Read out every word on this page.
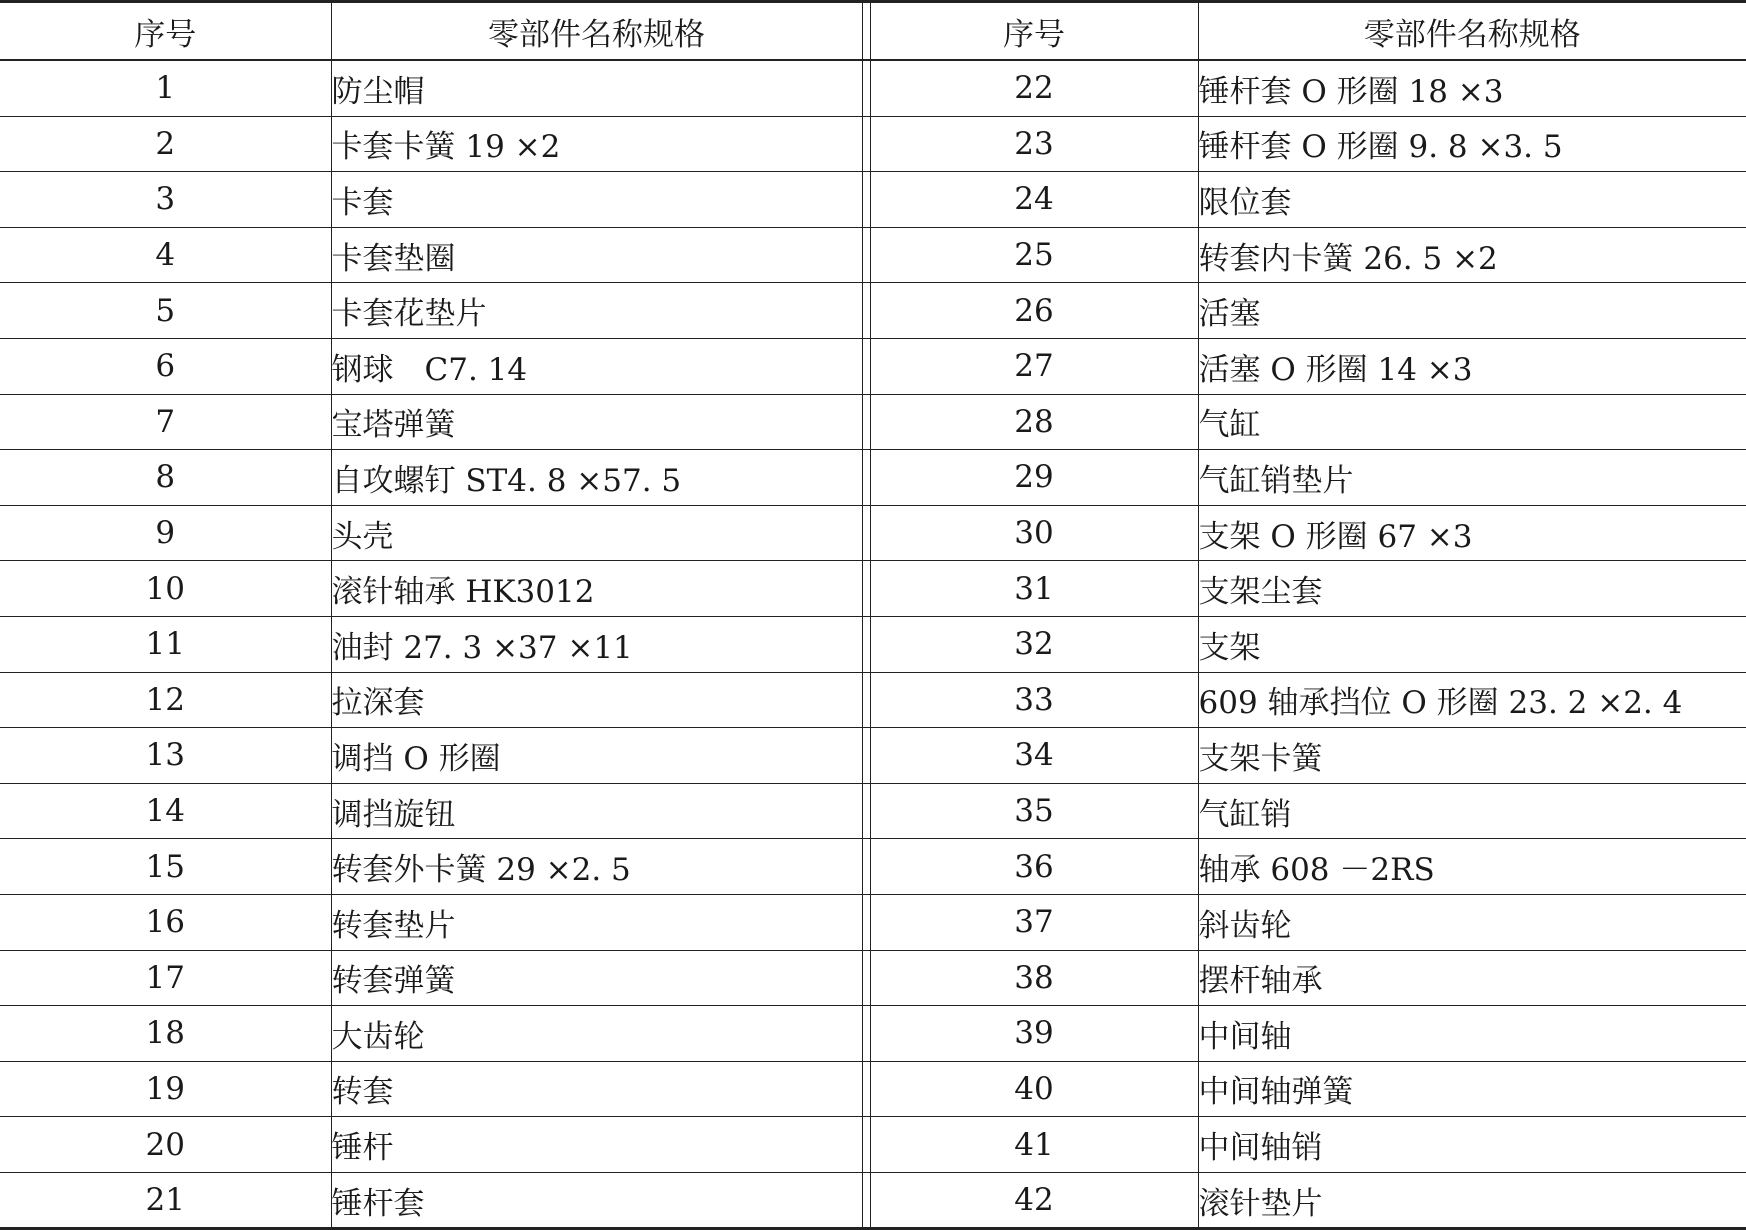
序号	零部件名称规格		序号	零部件名称规格
1	防尘帽		22	锤杆套 O 形圈 18 ×3
2	卡套卡簧 19 ×2		23	锤杆套 O 形圈 9. 8 ×3. 5
3	卡套		24	限位套
4	卡套垫圈		25	转套内卡簧 26. 5 ×2
5	卡套花垫片		26	活塞
6	钢球　C7. 14		27	活塞 O 形圈 14 ×3
7	宝塔弹簧		28	气缸
8	自攻螺钉 ST4. 8 ×57. 5		29	气缸销垫片
9	头壳		30	支架 O 形圈 67 ×3
10	滚针轴承 HK3012		31	支架尘套
11	油封 27. 3 ×37 ×11		32	支架
12	拉深套		33	609 轴承挡位 O 形圈 23. 2 ×2. 4
13	调挡 O 形圈		34	支架卡簧
14	调挡旋钮		35	气缸销
15	转套外卡簧 29 ×2. 5		36	轴承 608 －2RS
16	转套垫片		37	斜齿轮
17	转套弹簧		38	摆杆轴承
18	大齿轮		39	中间轴
19	转套		40	中间轴弹簧
20	锤杆		41	中间轴销
21	锤杆套		42	滚针垫片
